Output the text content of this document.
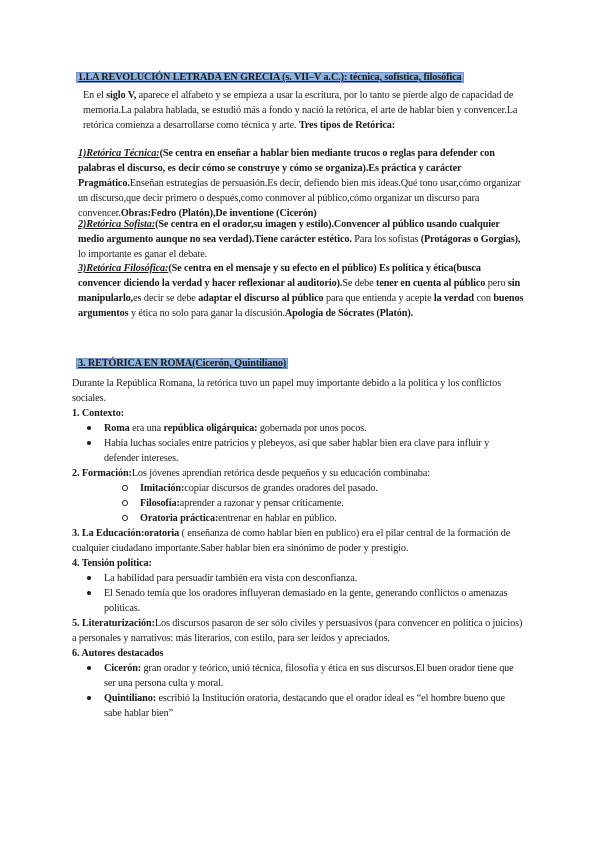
1.LA REVOLUCIÓN LETRADA EN GRECIA (s. VII–V a.C.): técnica, sofística, filosófica
En el siglo V, aparece el alfabeto y se empieza a usar la escritura, por lo tanto se pierde algo de capacidad de memoria.La palabra hablada, se estudió más a fondo y nació la retórica, el arte de hablar bien y convencer.La retórica comienza a desarrollarse como técnica y arte. Tres tipos de Retórica:
1)Retórica Técnica:(Se centra en enseñar a hablar bien mediante trucos o reglas para defender con palabras el discurso, es decir cómo se construye y cómo se organiza).Es práctica y carácter Pragmático.Enseñan estrategias de persuasión.Es decir, defiendo bien mis ideas.Qué tono usar,cómo organizar un discurso,que decir primero o después,como conmover al público,cómo organizar un discurso para convencer.Obras:Fedro (Platón),De inventione (Cicerón)
2)Retórica Sofista:(Se centra en el orador,su imagen y estilo).Convencer al público usando cualquier medio argumento aunque no sea verdad).Tiene carácter estético. Para los sofistas (Protágoras o Gorgias), lo importante es ganar el debate.
3)Retórica Filosófica:(Se centra en el mensaje y su efecto en el público) Es política y ética(busca convencer diciendo la verdad y hacer reflexionar al auditorio).Se debe tener en cuenta al público pero sin manipularlo,es decir se debe adaptar el discurso al público para que entienda y acepte la verdad con buenos argumentos y ética no solo para ganar la discusión.Apología de Sócrates (Platón).
3. RETÓRICA EN ROMA(Cicerón, Quintiliano)
Durante la República Romana, la retórica tuvo un papel muy importante debido a la política y los conflictos sociales.
1. Contexto:
Roma era una república oligárquica: gobernada por unos pocos.
Había luchas sociales entre patricios y plebeyos, así que saber hablar bien era clave para influir y defender intereses.
2. Formación:Los jóvenes aprendían retórica desde pequeños y su educación combinaba:
Imitación:copiar discursos de grandes oradores del pasado.
Filosofía:aprender a razonar y pensar críticamente.
Oratoria práctica:entrenar en hablar en público.
3. La Educación:oratoria ( enseñanza de como hablar bien en publico) era el pilar central de la formación de cualquier ciudadano importante.Saber hablar bien era sinónimo de poder y prestigio.
4. Tensión política:
La habilidad para persuadir también era vista con desconfianza.
El Senado temía que los oradores influyeran demasiado en la gente, generando conflictos o amenazas políticas.
5. Literaturización:Los discursos pasaron de ser sólo civiles y persuasivos (para convencer en política o juicios) a personales y narrativos: más literarios, con estilo, para ser leídos y apreciados.
6. Autores destacados
Cicerón: gran orador y teórico, unió técnica, filosofía y ética en sus discursos.El buen orador tiene que ser una persona culta y moral.
Quintiliano: escribió la Institución oratoria, destacando que el orador ideal es “el hombre bueno que sabe hablar bien”
